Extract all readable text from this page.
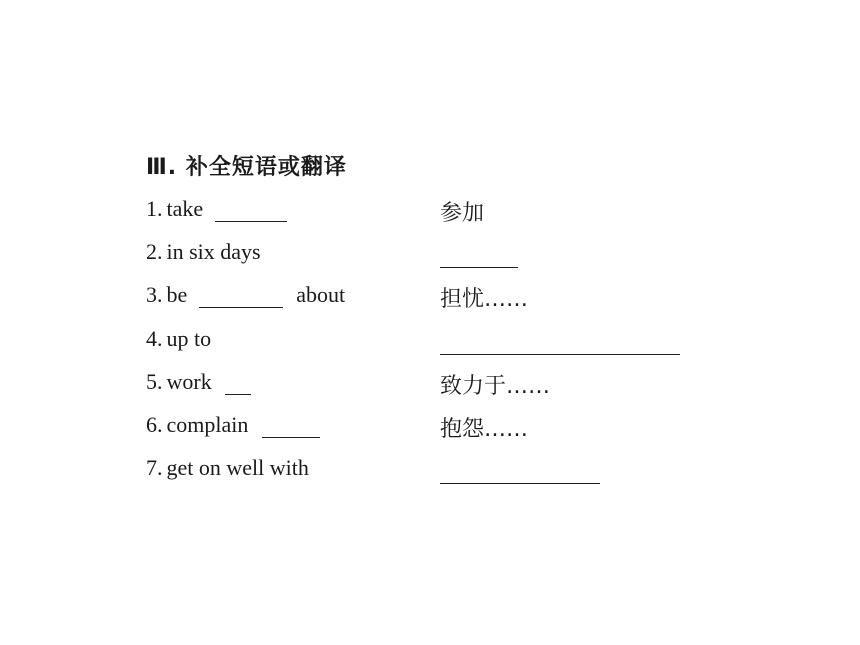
Ⅲ. 补全短语或翻译
1. take	参加
2. in six days
3. be	about	担忧……
4. up to
5. work	致力于……
6. complain	抱怨……
7. get on well with
